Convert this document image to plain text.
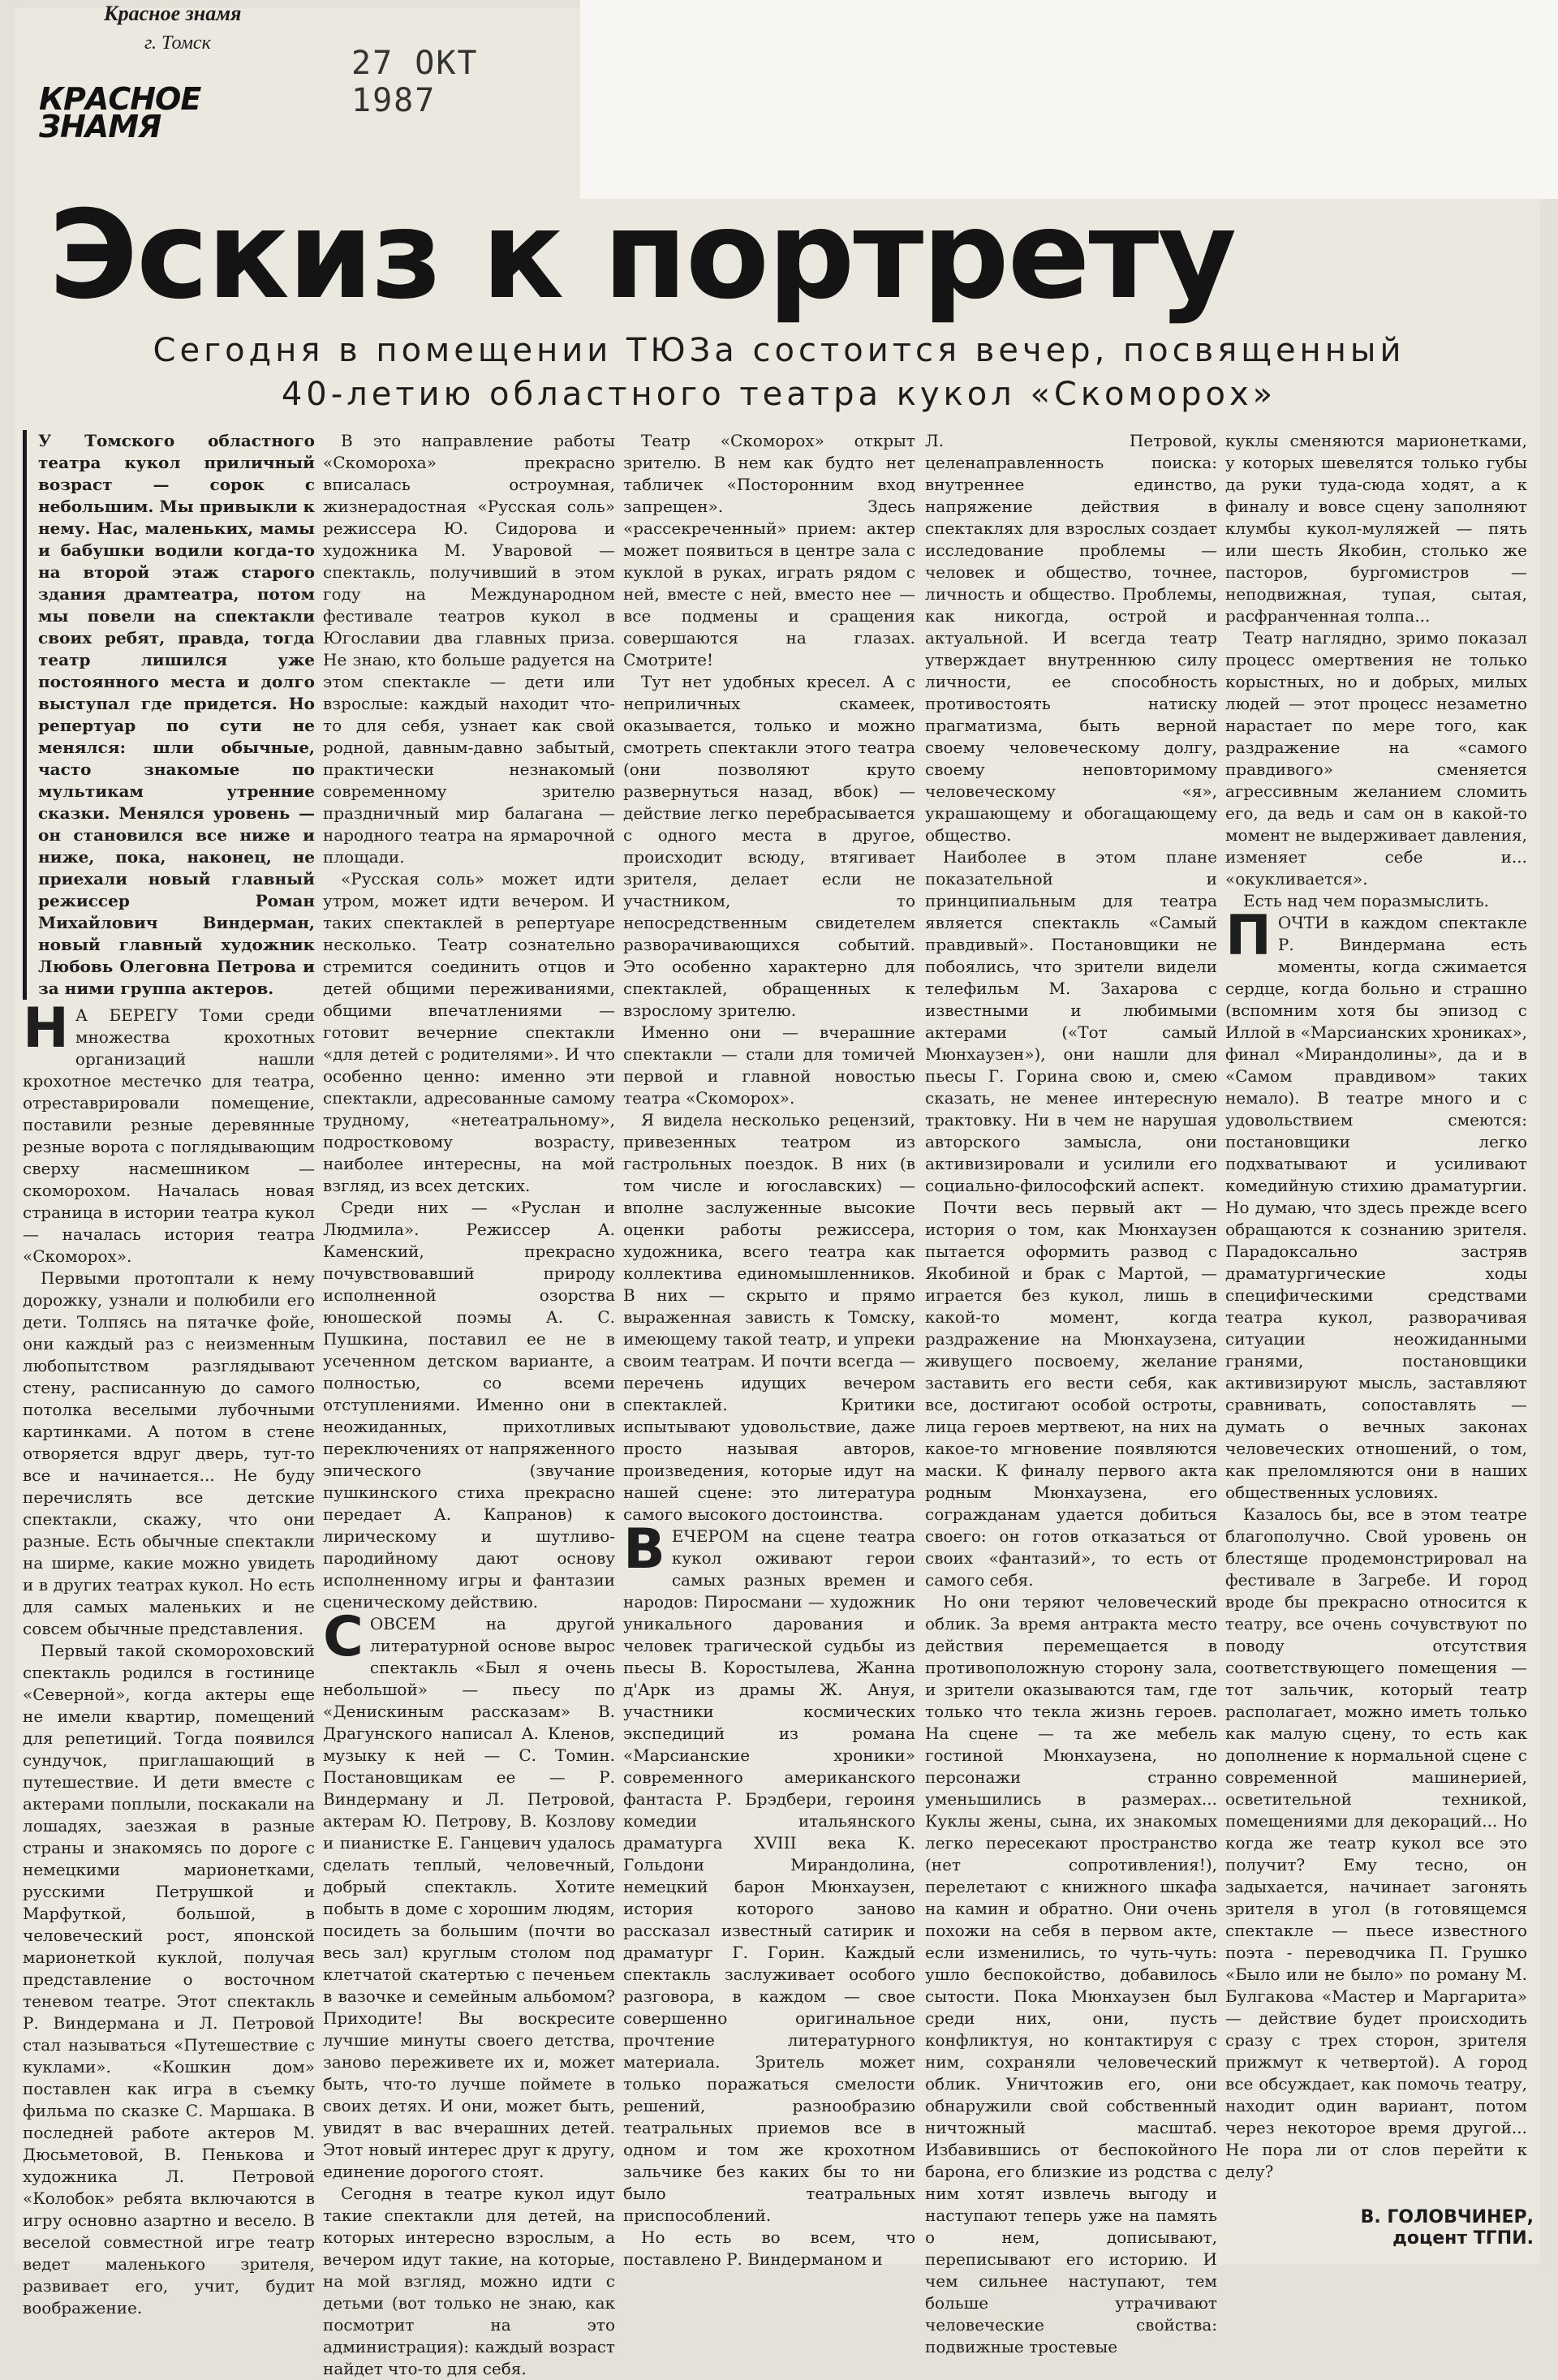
Красное знамя
г. Томск
27 ОКТ 1987
КРАСНОЕ
ЗНАМЯ
Эскиз к портрету
Сегодня в помещении ТЮЗа состоится вечер, посвященный
40-летию областного театра кукол «Скоморох»

У Томского областного театра кукол приличный возраст — сорок с небольшим. Мы привыкли к нему. Нас, маленьких, мамы и бабушки водили когда-то на второй этаж старого здания драмтеатра, потом мы повели на спектакли своих ребят, правда, тогда театр лишился уже постоянного места и долго выступал где придется. Но репертуар по сути не менялся: шли обычные, часто знакомые по мультикам утренние сказки. Менялся уровень — он становился все ниже и ниже, пока, наконец, не приехали новый главный режиссер Роман Михайлович Виндерман, новый главный художник Любовь Олеговна Петрова и за ними группа актеров.

Н А БЕРЕГУ Томи среди множества крохотных организаций нашли крохотное местечко для театра, отреставрировали помещение, поставили резные деревянные резные ворота с поглядывающим сверху насмешником — скоморохом. Началась новая страница в истории театра кукол — началась история театра «Скоморох».

Первыми протоптали к нему дорожку, узнали и полюбили его дети. Толпясь на пятачке фойе, они каждый раз с неизменным любопытством разглядывают стену, расписанную до самого потолка веселыми лубочными картинками. А потом в стене отворяется вдруг дверь, тут-то все и начинается... Не буду перечислять все детские спектакли, скажу, что они разные. Есть обычные спектакли на ширме, какие можно увидеть и в других театрах кукол. Но есть для самых маленьких и не совсем обычные представления.

Первый такой скомороховский спектакль родился в гостинице «Северной», когда актеры еще не имели квартир, помещений для репетиций. Тогда появился сундучок, приглашающий в путешествие. И дети вместе с актерами поплыли, поскакали на лошадях, заезжая в разные страны и знакомясь по дороге с немецкими марионетками, русскими Петрушкой и Марфуткой, большой, в человеческий рост, японской марионеткой куклой, получая представление о восточном теневом театре. Этот спектакль Р. Виндермана и Л. Петровой стал называться «Путешествие с куклами». «Кошкин дом» поставлен как игра в съемку фильма по сказке С. Маршака. В последней работе актеров М. Дюсьметовой, В. Пенькова и художника Л. Петровой «Колобок» ребята включаются в игру основно азартно и весело. В веселой совместной игре театр ведет маленького зрителя, развивает его, учит, будит воображение.

В это направление работы «Скомороха» прекрасно вписалась остроумная, жизнерадостная «Русская соль» режиссера Ю. Сидорова и художника М. Уваровой — спектакль, получивший в этом году на Международном фестивале театров кукол в Югославии два главных приза. Не знаю, кто больше радуется на этом спектакле — дети или взрослые: каждый находит что-то для себя, узнает как свой родной, давным-давно забытый, практически незнакомый современному зрителю праздничный мир балагана — народного театра на ярмарочной площади.

«Русская соль» может идти утром, может идти вечером. И таких спектаклей в репертуаре несколько. Театр сознательно стремится соединить отцов и детей общими переживаниями, общими впечатлениями — готовит вечерние спектакли «для детей с родителями». И что особенно ценно: именно эти спектакли, адресованные самому трудному, «нетеатральному», подростковому возрасту, наиболее интересны, на мой взгляд, из всех детских.

Среди них — «Руслан и Людмила». Режиссер А. Каменский, прекрасно почувствовавший природу исполненной озорства юношеской поэмы А. С. Пушкина, поставил ее не в усеченном детском варианте, а полностью, со всеми отступлениями. Именно они в неожиданных, прихотливых переключениях от напряженного эпического (звучание пушкинского стиха прекрасно передает А. Капранов) к лирическому и шутливо-пародийному дают основу исполненному игры и фантазии сценическому действию.

СОВСЕМ на другой литературной основе вырос спектакль «Был я очень небольшой» — пьесу по «Денискиным рассказам» В. Драгунского написал А. Кленов, музыку к ней — С. Томин. Постановщикам ее — Р. Виндерману и Л. Петровой, актерам Ю. Петрову, В. Козлову и пианистке Е. Ганцевич удалось сделать теплый, человечный, добрый спектакль. Хотите побыть в доме с хорошим людям, посидеть за большим (почти во весь зал) круглым столом под клетчатой скатертью с печеньем в вазочке и семейным альбомом? Приходите! Вы воскресите лучшие минуты своего детства, заново переживете их и, может быть, что-то лучше поймете в своих детях. И они, может быть, увидят в вас вчерашних детей. Этот новый интерес друг к другу, единение дорогого стоят.

Сегодня в театре кукол идут такие спектакли для детей, на которых интересно взрослым, а вечером идут такие, на которые, на мой взгляд, можно идти с детьми (вот только не знаю, как посмотрит на это администрация): каждый возраст найдет что-то для себя.

Театр «Скоморох» открыт зрителю. В нем как будто нет табличек «Посторонним вход запрещен». Здесь «рассекреченный» прием: актер может появиться в центре зала с куклой в руках, играть рядом с ней, вместе с ней, вместо нее — все подмены и сращения совершаются на глазах. Смотрите!

Тут нет удобных кресел. А с неприличных скамеек, оказывается, только и можно смотреть спектакли этого театра (они позволяют круто развернуться назад, вбок) — действие легко перебрасывается с одного места в другое, происходит всюду, втягивает зрителя, делает если не участником, то непосредственным свидетелем разворачивающихся событий. Это особенно характерно для спектаклей, обращенных к взрослому зрителю.

Именно они — вчерашние спектакли — стали для томичей первой и главной новостью театра «Скоморох».

Я видела несколько рецензий, привезенных театром из гастрольных поездок. В них (в том числе и югославских) — вполне заслуженные высокие оценки работы режиссера, художника, всего театра как коллектива единомышленников. В них — скрыто и прямо выраженная зависть к Томску, имеющему такой театр, и упреки своим театрам. И почти всегда — перечень идущих вечером спектаклей. Критики испытывают удовольствие, даже просто называя авторов, произведения, которые идут на нашей сцене: это литература самого высокого достоинства.

ВЕЧЕРОМ на сцене театра кукол оживают герои самых разных времен и народов: Пиросмани — художник уникального дарования и человек трагической судьбы из пьесы В. Коростылева, Жанна д'Арк из драмы Ж. Ануя, участники космических экспедиций из романа «Марсианские хроники» современного американского фантаста Р. Брэдбери, героиня комедии итальянского драматурга XVIII века К. Гольдони Мирандолина, немецкий барон Мюнхаузен, история которого заново рассказал известный сатирик и драматург Г. Горин. Каждый спектакль заслуживает особого разговора, в каждом — свое совершенно оригинальное прочтение литературного материала. Зритель может только поражаться смелости решений, разнообразию театральных приемов все в одном и том же крохотном зальчике без каких бы то ни было театральных приспособлений.

Но есть во всем, что поставлено Р. Виндерманом и

Л. Петровой, целенаправленность поиска: внутреннее единство, напряжение действия в спектаклях для взрослых создает исследование проблемы — человек и общество, точнее, личность и общество. Проблемы, как никогда, острой и актуальной. И всегда театр утверждает внутреннюю силу личности, ее способность противостоять натиску прагматизма, быть верной своему человеческому долгу, своему неповторимому человеческому «я», украшающему и обогащающему общество.

Наиболее в этом плане показательной и принципиальным для театра является спектакль «Самый правдивый». Постановщики не побоялись, что зрители видели телефильм М. Захарова с известными и любимыми актерами («Тот самый Мюнхаузен»), они нашли для пьесы Г. Горина свою и, смею сказать, не менее интересную трактовку. Ни в чем не нарушая авторского замысла, они активизировали и усилили его социально-философский аспект.

Почти весь первый акт — история о том, как Мюнхаузен пытается оформить развод с Якобиной и брак с Мартой, — играется без кукол, лишь в какой-то момент, когда раздражение на Мюнхаузена, живущего посвоему, желание заставить его вести себя, как все, достигают особой остроты, лица героев мертвеют, на них на какое-то мгновение появляются маски. К финалу первого акта родным Мюнхаузена, его согражданам удается добиться своего: он готов отказаться от своих «фантазий», то есть от самого себя.

Но они теряют человеческий облик. За время антракта место действия перемещается в противоположную сторону зала, и зрители оказываются там, где только что текла жизнь героев. На сцене — та же мебель гостиной Мюнхаузена, но персонажи странно уменьшились в размерах... Куклы жены, сына, их знакомых легко пересекают пространство (нет сопротивления!), перелетают с книжного шкафа на камин и обратно. Они очень похожи на себя в первом акте, если изменились, то чуть-чуть: ушло беспокойство, добавилось сытости. Пока Мюнхаузен был среди них, они, пусть конфликтуя, но контактируя с ним, сохраняли человеческий облик. Уничтожив его, они обнаружили свой собственный ничтожный масштаб. Избавившись от беспокойного барона, его близкие из родства с ним хотят извлечь выгоду и наступают теперь уже на память о нем, дописывают, переписывают его историю. И чем сильнее наступают, тем больше утрачивают человеческие свойства: подвижные тростевые

куклы сменяются марионетками, у которых шевелятся только губы да руки туда-сюда ходят, а к финалу и вовсе сцену заполняют клумбы кукол-муляжей — пять или шесть Якобин, столько же пасторов, бургомистров — неподвижная, тупая, сытая, расфранченная толпа...

Театр наглядно, зримо показал процесс омертвения не только корыстных, но и добрых, милых людей — этот процесс незаметно нарастает по мере того, как раздражение на «самого правдивого» сменяется агрессивным желанием сломить его, да ведь и сам он в какой-то момент не выдерживает давления, изменяет себе и... «окукливается».

Есть над чем поразмыслить.

ПОЧТИ в каждом спектакле Р. Виндермана есть моменты, когда сжимается сердце, когда больно и страшно (вспомним хотя бы эпизод с Иллой в «Марсианских хрониках», финал «Мирандолины», да и в «Самом правдивом» таких немало). В театре много и с удовольствием смеются: постановщики легко подхватывают и усиливают комедийную стихию драматургии. Но думаю, что здесь прежде всего обращаются к сознанию зрителя. Парадоксально застряв драматургические ходы специфическими средствами театра кукол, разворачивая ситуации неожиданными гранями, постановщики активизируют мысль, заставляют сравнивать, сопоставлять — думать о вечных законах человеческих отношений, о том, как преломляются они в наших общественных условиях.

Казалось бы, все в этом театре благополучно. Свой уровень он блестяще продемонстрировал на фестивале в Загребе. И город вроде бы прекрасно относится к театру, все очень сочувствуют по поводу отсутствия соответствующего помещения — тот зальчик, который театр располагает, можно иметь только как малую сцену, то есть как дополнение к нормальной сцене с современной машинерией, осветительной техникой, помещениями для декораций... Но когда же театр кукол все это получит? Ему тесно, он задыхается, начинает загонять зрителя в угол (в готовящемся спектакле — пьесе известного поэта - переводчика П. Грушко «Было или не было» по роману М. Булгакова «Мастер и Маргарита» — действие будет происходить сразу с трех сторон, зрителя прижмут к четвертой). А город все обсуждает, как помочь театру, находит один вариант, потом через некоторое время другой... Не пора ли от слов перейти к делу?

В. ГОЛОВЧИНЕР,
доцент ТГПИ.
